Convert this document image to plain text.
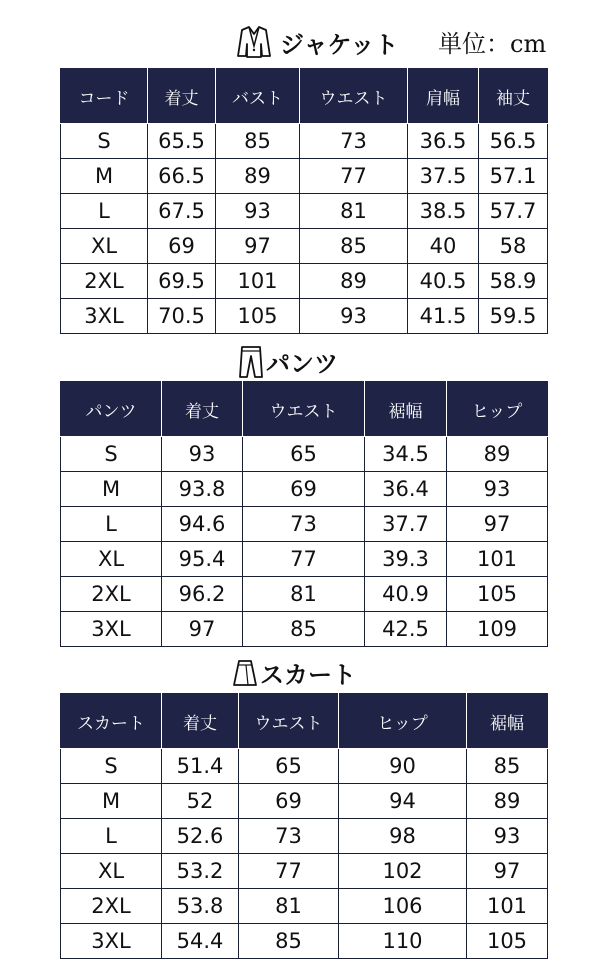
ジャケット 単位：cm
コード	着丈	バスト	ウエスト	肩幅	袖丈
S	65.5	85	73	36.5	56.5
M	66.5	89	77	37.5	57.1
L	67.5	93	81	38.5	57.7
XL	69	97	85	40	58
2XL	69.5	101	89	40.5	58.9
3XL	70.5	105	93	41.5	59.5
パンツ
パンツ	着丈	ウエスト	裾幅	ヒップ
S	93	65	34.5	89
M	93.8	69	36.4	93
L	94.6	73	37.7	97
XL	95.4	77	39.3	101
2XL	96.2	81	40.9	105
3XL	97	85	42.5	109
スカート
スカート	着丈	ウエスト	ヒップ	裾幅
S	51.4	65	90	85
M	52	69	94	89
L	52.6	73	98	93
XL	53.2	77	102	97
2XL	53.8	81	106	101
3XL	54.4	85	110	105
